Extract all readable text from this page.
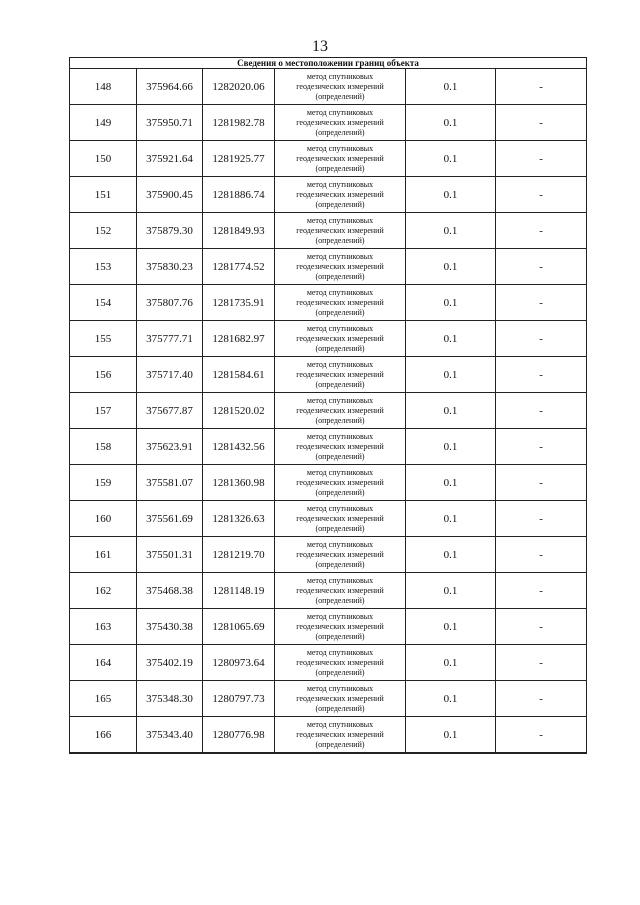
13
Сведения о местоположении границ объекта					
148	375964.66	1282020.06	метод спутниковых
геодезических измерений
(определений)	0.1	-
149	375950.71	1281982.78	метод спутниковых
геодезических измерений
(определений)	0.1	-
150	375921.64	1281925.77	метод спутниковых
геодезических измерений
(определений)	0.1	-
151	375900.45	1281886.74	метод спутниковых
геодезических измерений
(определений)	0.1	-
152	375879.30	1281849.93	метод спутниковых
геодезических измерений
(определений)	0.1	-
153	375830.23	1281774.52	метод спутниковых
геодезических измерений
(определений)	0.1	-
154	375807.76	1281735.91	метод спутниковых
геодезических измерений
(определений)	0.1	-
155	375777.71	1281682.97	метод спутниковых
геодезических измерений
(определений)	0.1	-
156	375717.40	1281584.61	метод спутниковых
геодезических измерений
(определений)	0.1	-
157	375677.87	1281520.02	метод спутниковых
геодезических измерений
(определений)	0.1	-
158	375623.91	1281432.56	метод спутниковых
геодезических измерений
(определений)	0.1	-
159	375581.07	1281360.98	метод спутниковых
геодезических измерений
(определений)	0.1	-
160	375561.69	1281326.63	метод спутниковых
геодезических измерений
(определений)	0.1	-
161	375501.31	1281219.70	метод спутниковых
геодезических измерений
(определений)	0.1	-
162	375468.38	1281148.19	метод спутниковых
геодезических измерений
(определений)	0.1	-
163	375430.38	1281065.69	метод спутниковых
геодезических измерений
(определений)	0.1	-
164	375402.19	1280973.64	метод спутниковых
геодезических измерений
(определений)	0.1	-
165	375348.30	1280797.73	метод спутниковых
геодезических измерений
(определений)	0.1	-
166	375343.40	1280776.98	метод спутниковых
геодезических измерений
(определений)	0.1	-
